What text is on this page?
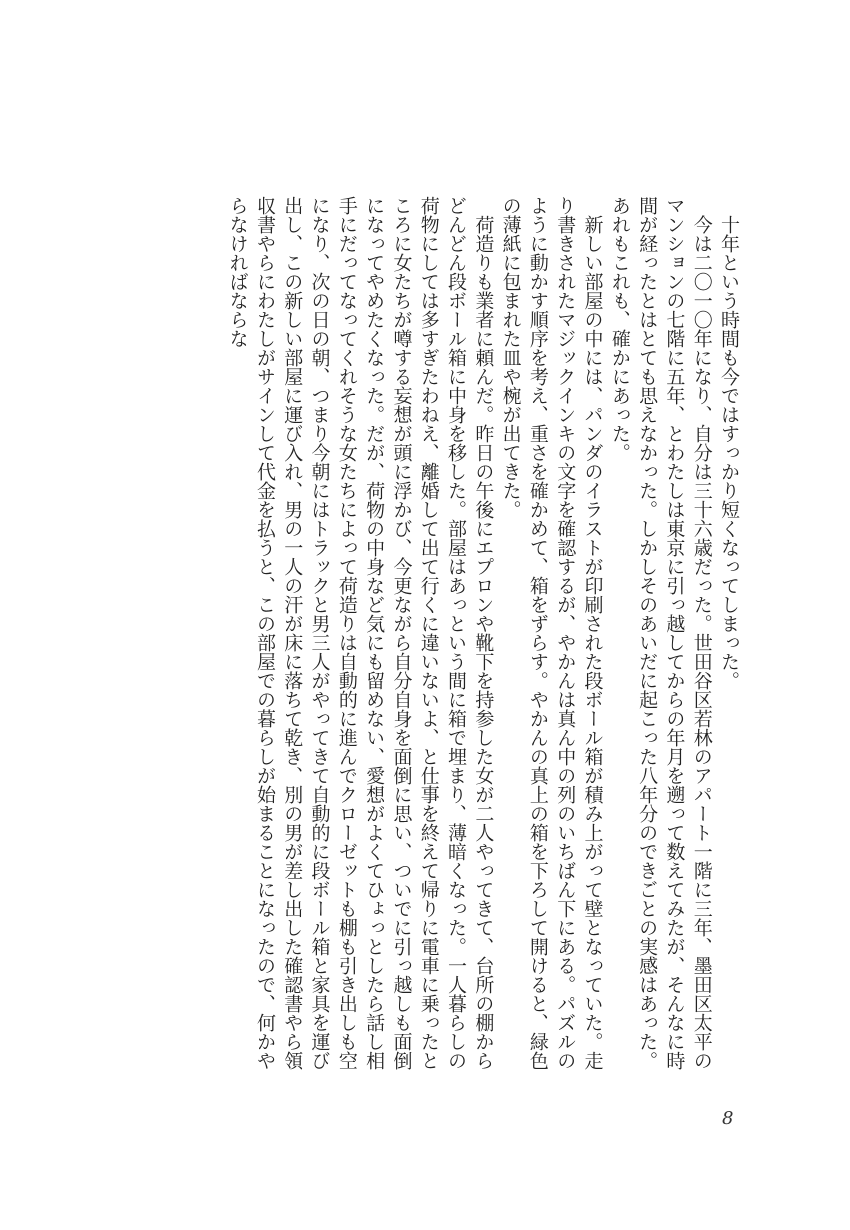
十年という時間も今ではすっかり短くなってしまった。

今は二〇一〇年になり、自分は三十六歳だった。世田谷区若林のアパート一階に三年、墨田区太平のマンションの七階に五年、とわたしは東京に引っ越してからの年月を遡って数えてみたが、そんなに時間が経ったとはとても思えなかった。しかしそのあいだに起こった八年分のできごとの実感はあった。あれもこれも、確かにあった。

新しい部屋の中には、パンダのイラストが印刷された段ボール箱が積み上がって壁となっていた。走り書きされたマジックインキの文字を確認するが、やかんは真ん中の列のいちばん下にある。パズルのように動かす順序を考え、重さを確かめて、箱をずらす。やかんの真上の箱を下ろして開けると、緑色の薄紙に包まれた皿や椀が出てきた。

荷造りも業者に頼んだ。昨日の午後にエプロンや靴下を持参した女が二人やってきて、台所の棚からどんどん段ボール箱に中身を移した。部屋はあっという間に箱で埋まり、薄暗くなった。一人暮らしの荷物にしては多すぎたわねえ、離婚して出て行くに違いないよ、と仕事を終えて帰りに電車に乗ったところに女たちが噂する妄想が頭に浮かび、今更ながら自分自身を面倒に思い、ついでに引っ越しも面倒になってやめたくなった。だが、荷物の中身など気にも留めない、愛想がよくてひょっとしたら話し相手にだってなってくれそうな女たちによって荷造りは自動的に進んでクローゼットも棚も引き出しも空になり、次の日の朝、つまり今朝にはトラックと男三人がやってきて自動的に段ボール箱と家具を運び出し、この新しい部屋に運び入れ、男の一人の汗が床に落ちて乾き、別の男が差し出した確認書やら領収書やらにわたしがサインして代金を払うと、この部屋での暮らしが始まることになったので、何かやらなければならな

8
